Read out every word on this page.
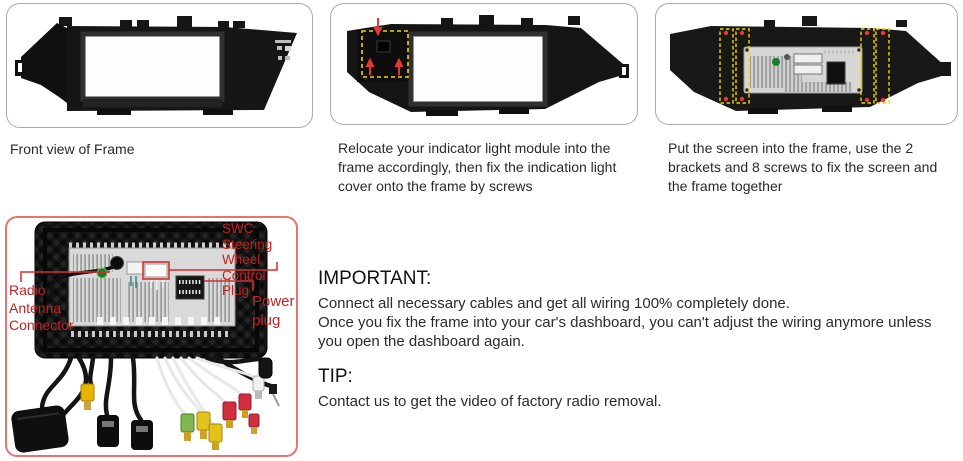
Front view of Frame	Relocate your indicator light module into the
frame accordingly, then fix the indication light
cover onto the frame by screws
Put the screen into the frame, use the 2
brackets and 8 screws to fix the screen and
the frame together
SWC Steering
Wheel Control
Plug
Radio
Antenna
Connector
Power
plug
IMPORTANT:
Connect all necessary cables and get all wiring 100% completely done.
Once you fix the frame into your car's dashboard, you can't adjust the wiring anymore unless
you open the dashboard again.
TIP:
Contact us to get the video of factory radio removal.
